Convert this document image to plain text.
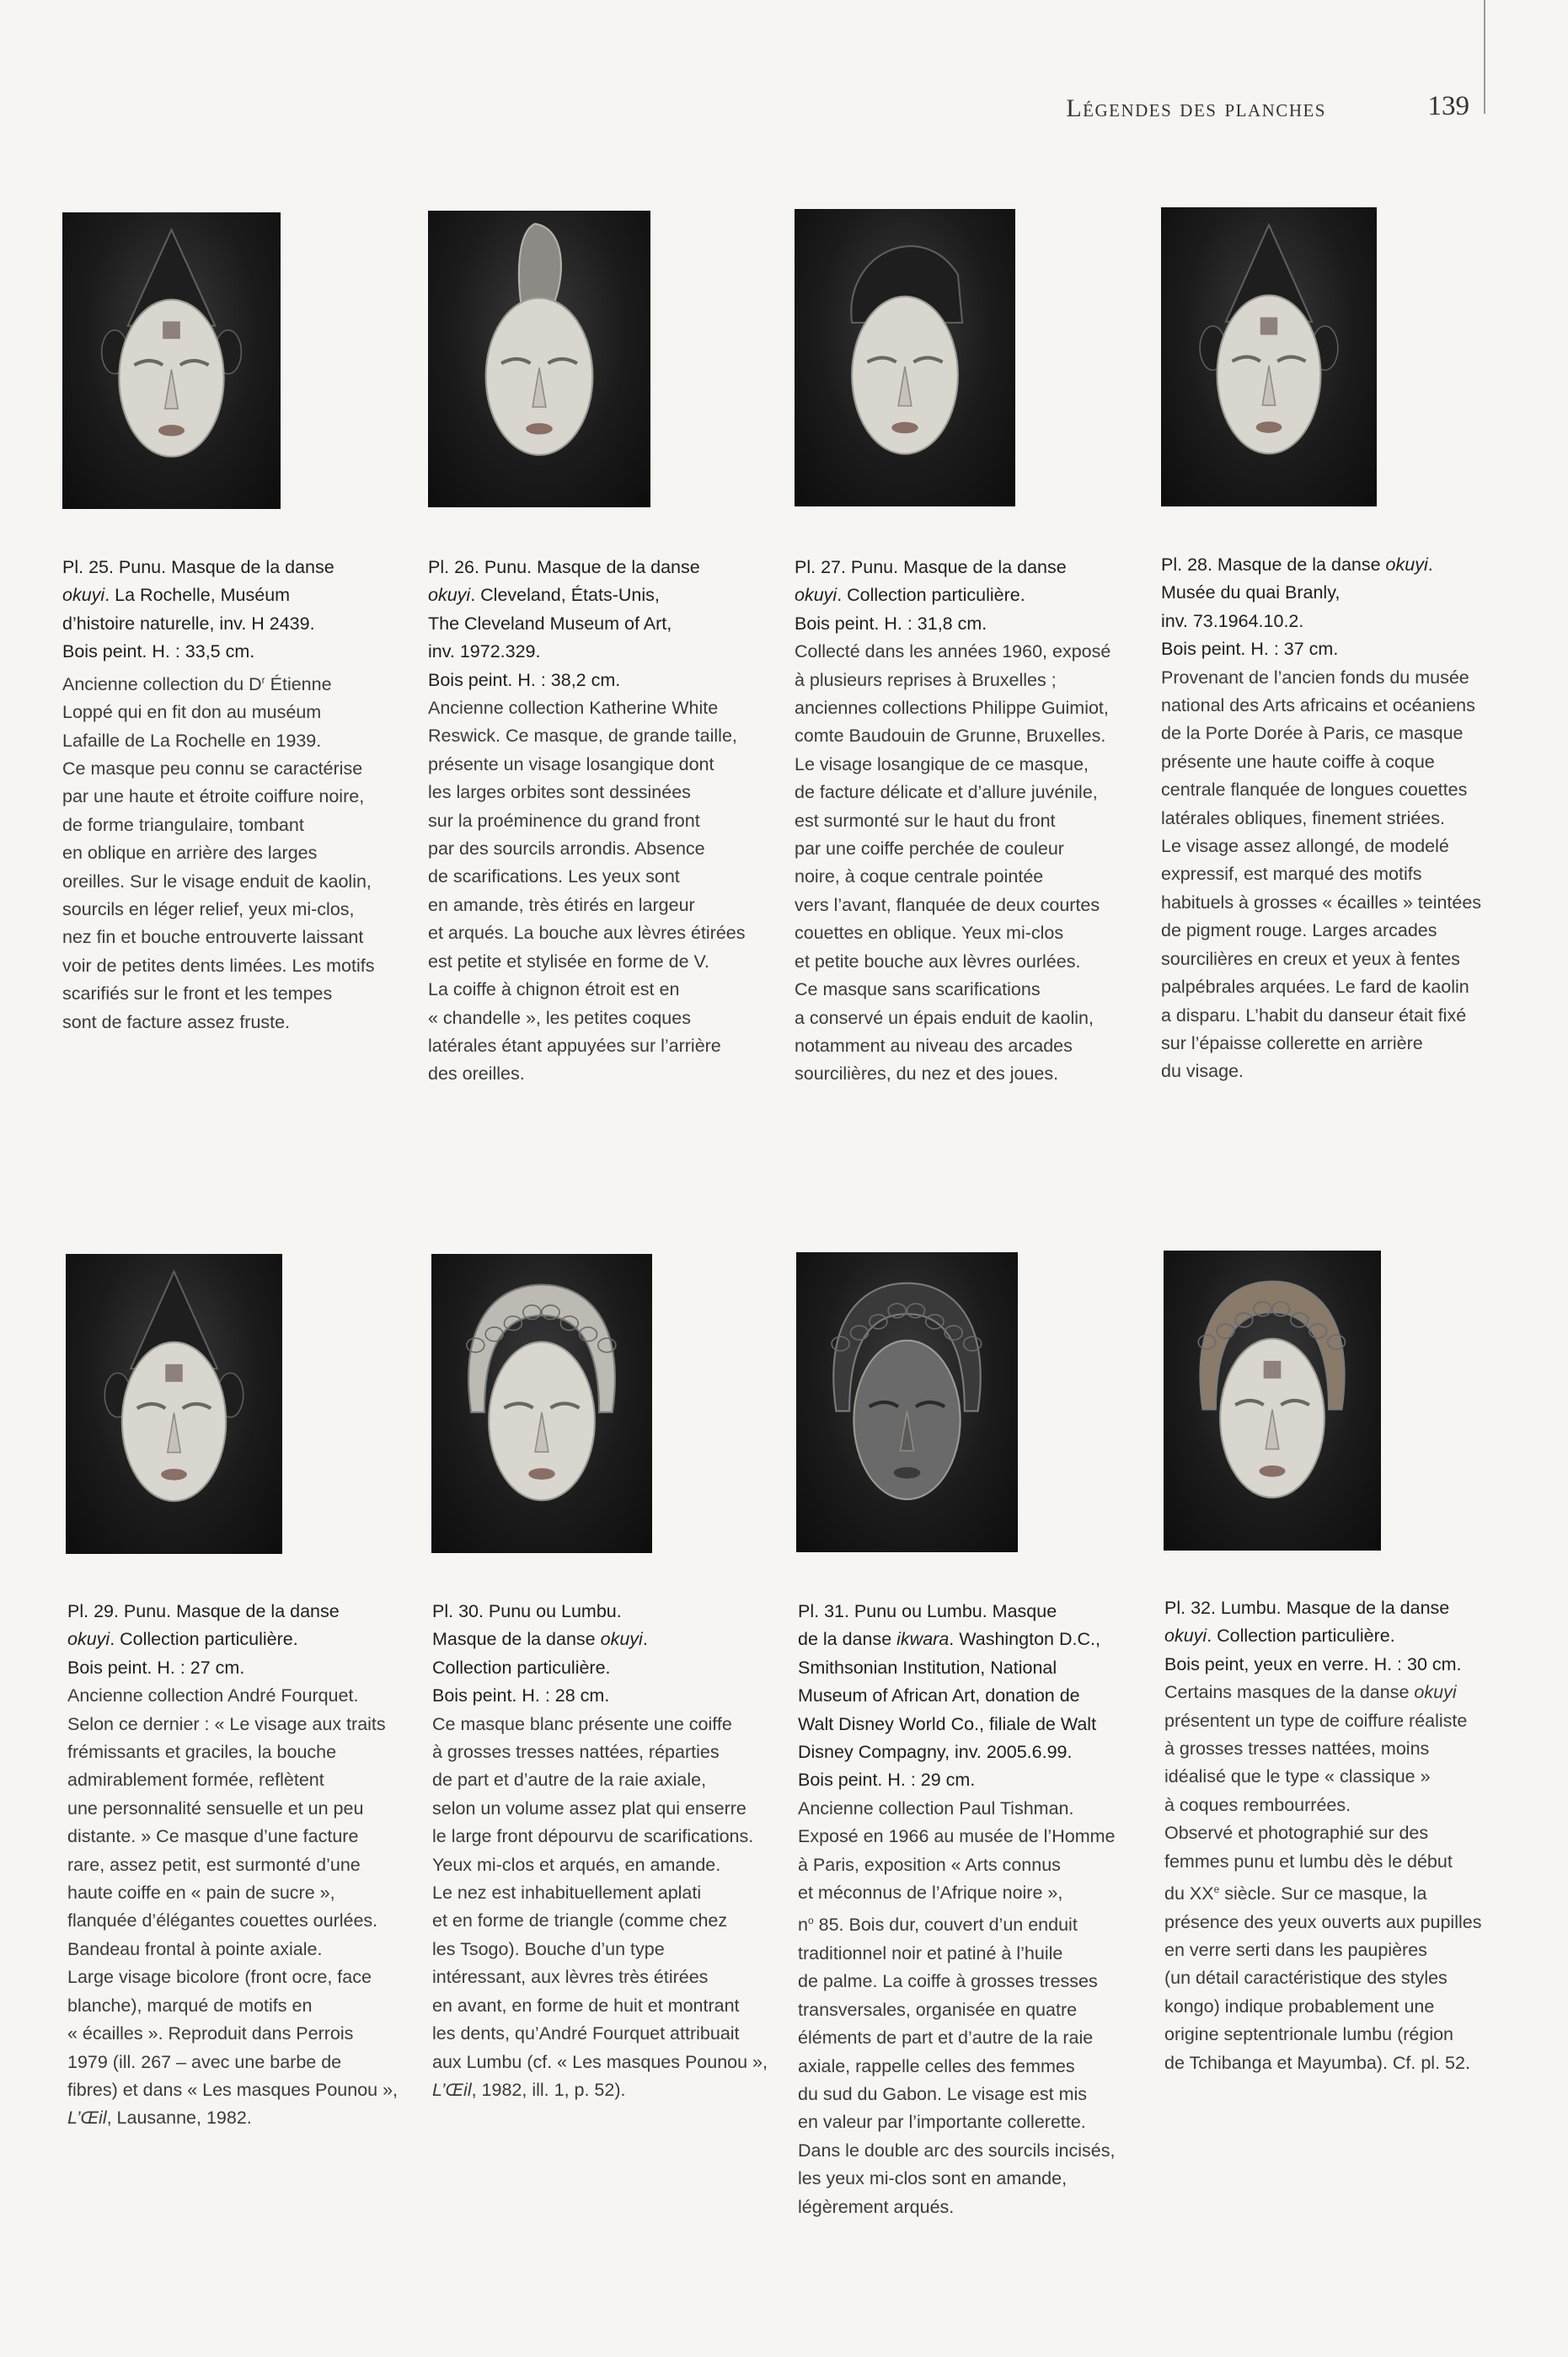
Légendes des planches	139

Pl. 25. Punu. Masque de la danse
okuyi. La Rochelle, Muséum
d’histoire naturelle, inv. H 2439.
Bois peint. H. : 33,5 cm.

Ancienne collection du $D^r$ Étienne
Loppé qui en fit don au muséum
Lafaille de La Rochelle en 1939.
Ce masque peu connu se caractérise
par une haute et étroite coiffure noire,
de forme triangulaire, tombant
en oblique en arrière des larges
oreilles. Sur le visage enduit de kaolin,
sourcils en léger relief, yeux mi-clos,
nez fin et bouche entrouverte laissant
voir de petites dents limées. Les motifs
scarifiés sur le front et les tempes
sont de facture assez fruste.

Pl. 26. Punu. Masque de la danse
okuyi. Cleveland, États-Unis,
The Cleveland Museum of Art,
inv. 1972.329.
Bois peint. H. : 38,2 cm.

Ancienne collection Katherine White
Reswick. Ce masque, de grande taille,
présente un visage losangique dont
les larges orbites sont dessinées
sur la proéminence du grand front
par des sourcils arrondis. Absence
de scarifications. Les yeux sont
en amande, très étirés en largeur
et arqués. La bouche aux lèvres étirées
est petite et stylisée en forme de V.
La coiffe à chignon étroit est en
« chandelle », les petites coques
latérales étant appuyées sur l’arrière
des oreilles.

Pl. 27. Punu. Masque de la danse
okuyi. Collection particulière.
Bois peint. H. : 31,8 cm.

Collecté dans les années 1960, exposé
à plusieurs reprises à Bruxelles ;
anciennes collections Philippe Guimiot,
comte Baudouin de Grunne, Bruxelles.
Le visage losangique de ce masque,
de facture délicate et d’allure juvénile,
est surmonté sur le haut du front
par une coiffe perchée de couleur
noire, à coque centrale pointée
vers l’avant, flanquée de deux courtes
couettes en oblique. Yeux mi-clos
et petite bouche aux lèvres ourlées.
Ce masque sans scarifications
a conservé un épais enduit de kaolin,
notamment au niveau des arcades
sourcilières, du nez et des joues.

Pl. 28. Masque de la danse okuyi.
Musée du quai Branly,
inv. 73.1964.10.2.
Bois peint. H. : 37 cm.

Provenant de l’ancien fonds du musée
national des Arts africains et océaniens
de la Porte Dorée à Paris, ce masque
présente une haute coiffe à coque
centrale flanquée de longues couettes
latérales obliques, finement striées.
Le visage assez allongé, de modelé
expressif, est marqué des motifs
habituels à grosses « écailles » teintées
de pigment rouge. Larges arcades
sourcilières en creux et yeux à fentes
palpébrales arquées. Le fard de kaolin
a disparu. L’habit du danseur était fixé
sur l’épaisse collerette en arrière
du visage.

Pl. 29. Punu. Masque de la danse
okuyi. Collection particulière.
Bois peint. H. : 27 cm.

Ancienne collection André Fourquet.
Selon ce dernier : « Le visage aux traits
frémissants et graciles, la bouche
admirablement formée, reflètent
une personnalité sensuelle et un peu
distante. » Ce masque d’une facture
rare, assez petit, est surmonté d’une
haute coiffe en « pain de sucre »,
flanquée d’élégantes couettes ourlées.
Bandeau frontal à pointe axiale.
Large visage bicolore (front ocre, face
blanche), marqué de motifs en
« écailles ». Reproduit dans Perrois
1979 (ill. 267 – avec une barbe de
fibres) et dans « Les masques Pounou »,
L’Œil, Lausanne, 1982.

Pl. 30. Punu ou Lumbu.
Masque de la danse okuyi.
Collection particulière.
Bois peint. H. : 28 cm.

Ce masque blanc présente une coiffe
à grosses tresses nattées, réparties
de part et d’autre de la raie axiale,
selon un volume assez plat qui enserre
le large front dépourvu de scarifications.
Yeux mi-clos et arqués, en amande.
Le nez est inhabituellement aplati
et en forme de triangle (comme chez
les Tsogo). Bouche d’un type
intéressant, aux lèvres très étirées
en avant, en forme de huit et montrant
les dents, qu’André Fourquet attribuait
aux Lumbu (cf. « Les masques Pounou »,
L’Œil, 1982, ill. 1, p. 52).

Pl. 31. Punu ou Lumbu. Masque
de la danse ikwara. Washington D.C.,
Smithsonian Institution, National
Museum of African Art, donation de
Walt Disney World Co., filiale de Walt
Disney Compagny, inv. 2005.6.99.
Bois peint. H. : 29 cm.

Ancienne collection Paul Tishman.
Exposé en 1966 au musée de l’Homme
à Paris, exposition « Arts connus
et méconnus de l’Afrique noire »,
$n^o$ 85. Bois dur, couvert d’un enduit
traditionnel noir et patiné à l’huile
de palme. La coiffe à grosses tresses
transversales, organisée en quatre
éléments de part et d’autre de la raie
axiale, rappelle celles des femmes
du sud du Gabon. Le visage est mis
en valeur par l’importante collerette.
Dans le double arc des sourcils incisés,
les yeux mi-clos sont en amande,
légèrement arqués.

Pl. 32. Lumbu. Masque de la danse
okuyi. Collection particulière.
Bois peint, yeux en verre. H. : 30 cm.

Certains masques de la danse okuyi
présentent un type de coiffure réaliste
à grosses tresses nattées, moins
idéalisé que le type « classique »
à coques rembourrées.
Observé et photographié sur des
femmes punu et lumbu dès le début
du XXe siècle. Sur ce masque, la
présence des yeux ouverts aux pupilles
en verre serti dans les paupières
(un détail caractéristique des styles
kongo) indique probablement une
origine septentrionale lumbu (région
de Tchibanga et Mayumba). Cf. pl. 52.
